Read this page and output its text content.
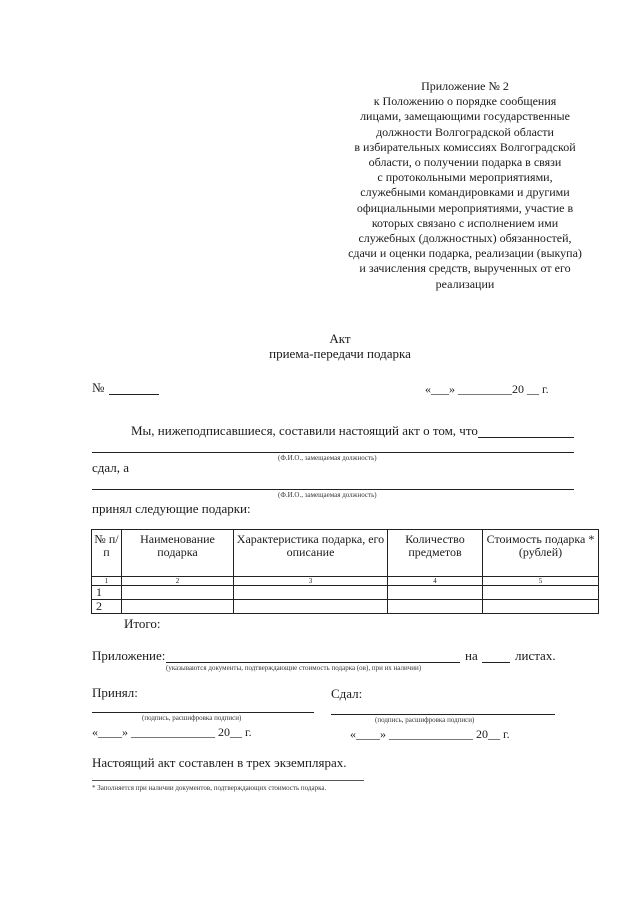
Приложение № 2
к Положению о порядке сообщения
лицами, замещающими государственные
должности Волгоградской области
в избирательных комиссиях Волгоградской
области, о получении подарка в связи
с протокольными мероприятиями,
служебными командировками и другими
официальными мероприятиями, участие в
которых связано с исполнением ими
служебных (должностных) обязанностей,
сдачи и оценки подарка, реализации (выкупа)
и зачисления средств, вырученных от его
реализации
Акт
приема-передачи подарка
№	«___» _________20 __ г.
Мы, нижеподписавшиеся, составили настоящий акт о том, что
(Ф.И.О., замещаемая должность)
сдал, а
(Ф.И.О., замещаемая должность)
принял следующие подарки:
№ п/п	Наименование подарка	Характеристика подарка, его описание	Количество предметов	Стоимость подарка * (рублей)
1	2	3	4	5
1				
2				
Итого:
Приложение:	на	листах.
(указываются документы, подтверждающие стоимость подарка (ов), при их наличии)
Принял:	Сдал:
(подпись, расшифровка подписи)	(подпись, расшифровка подписи)
«____» ______________ 20__ г.	«____» ______________ 20__ г.
Настоящий акт составлен в трех экземплярах.
* Заполняется при наличии документов, подтверждающих стоимость подарка.
